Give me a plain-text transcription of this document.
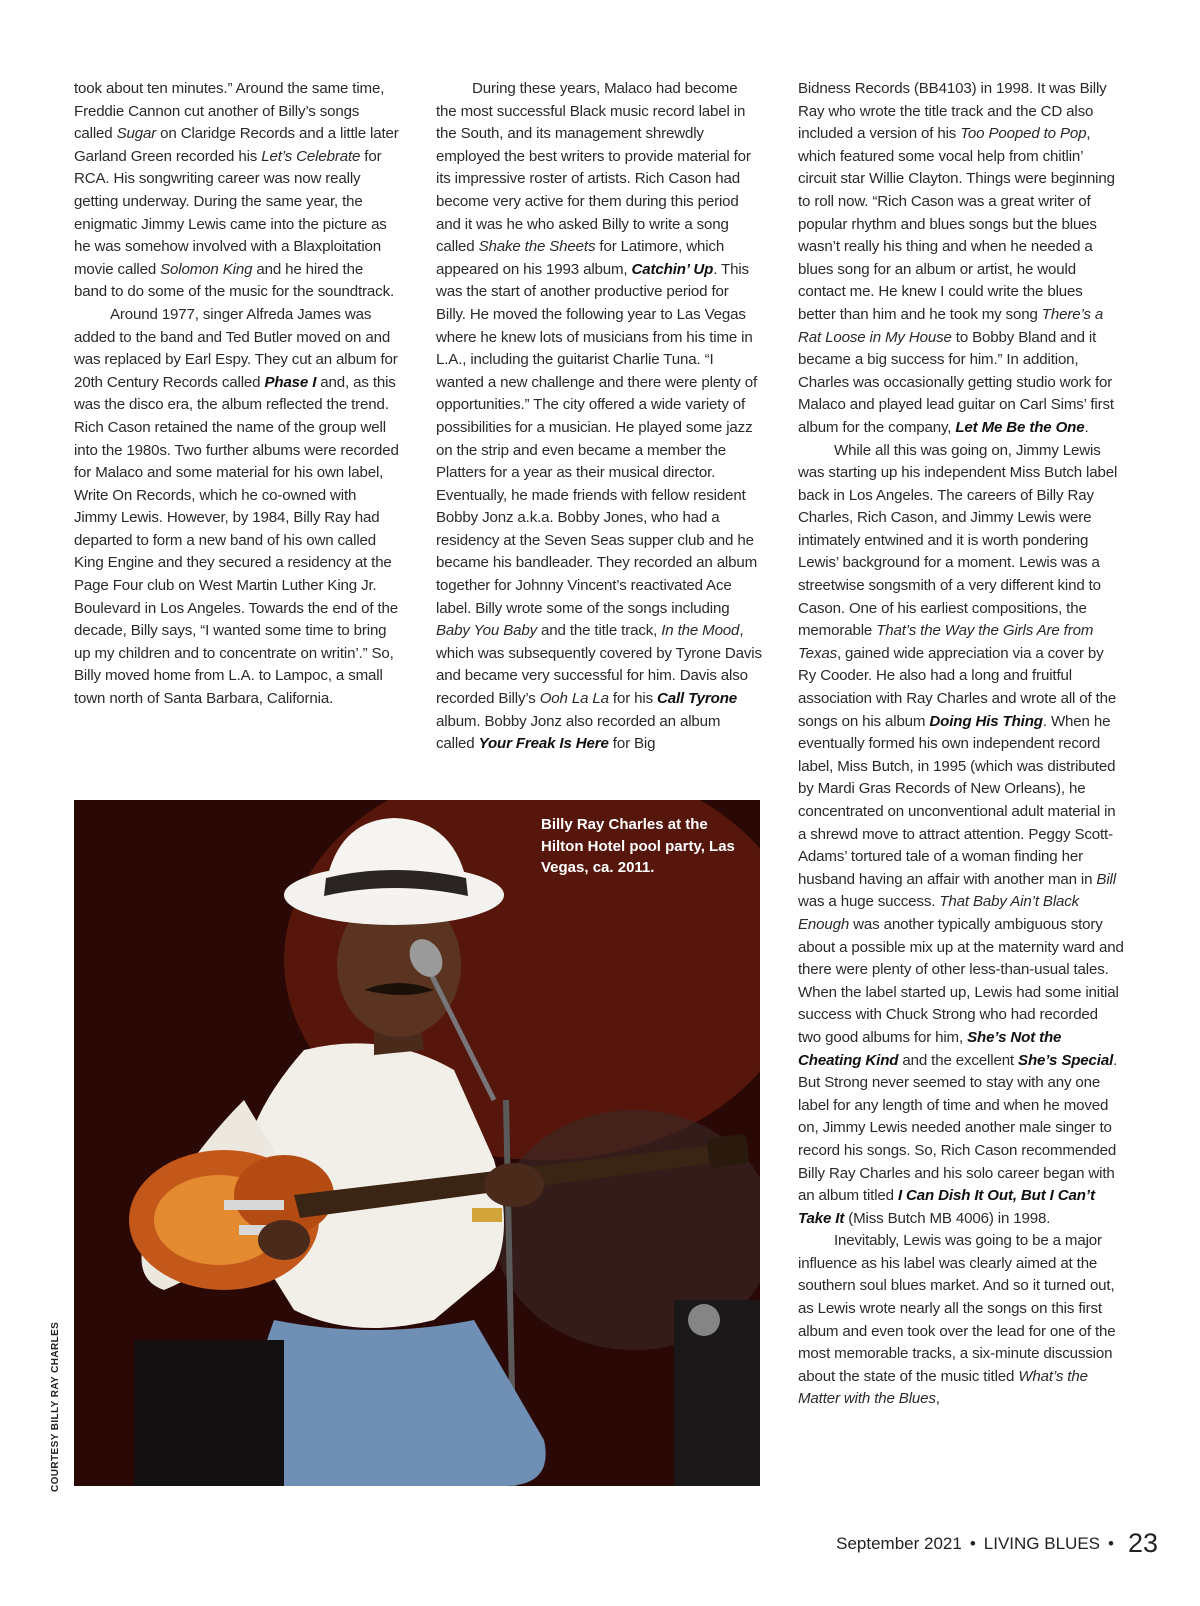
took about ten minutes.” Around the same time, Freddie Cannon cut another of Billy’s songs called Sugar on Claridge Records and a little later Garland Green recorded his Let’s Celebrate for RCA. His songwriting career was now really getting underway. During the same year, the enigmatic Jimmy Lewis came into the picture as he was somehow involved with a Blaxploitation movie called Solomon King and he hired the band to do some of the music for the soundtrack.

Around 1977, singer Alfreda James was added to the band and Ted Butler moved on and was replaced by Earl Espy. They cut an album for 20th Century Records called Phase I and, as this was the disco era, the album reflected the trend. Rich Cason retained the name of the group well into the 1980s. Two further albums were recorded for Malaco and some material for his own label, Write On Records, which he co-owned with Jimmy Lewis. However, by 1984, Billy Ray had departed to form a new band of his own called King Engine and they secured a residency at the Page Four club on West Martin Luther King Jr. Boulevard in Los Angeles. Towards the end of the decade, Billy says, “I wanted some time to bring up my children and to concentrate on writin’.” So, Billy moved home from L.A. to Lampoc, a small town north of Santa Barbara, California.

During these years, Malaco had become the most successful Black music record label in the South, and its management shrewdly employed the best writers to provide material for its impressive roster of artists. Rich Cason had become very active for them during this period and it was he who asked Billy to write a song called Shake the Sheets for Latimore, which appeared on his 1993 album, Catchin’ Up. This was the start of another productive period for Billy. He moved the following year to Las Vegas where he knew lots of musicians from his time in L.A., including the guitarist Charlie Tuna. “I wanted a new challenge and there were plenty of opportunities.” The city offered a wide variety of possibilities for a musician. He played some jazz on the strip and even became a member the Platters for a year as their musical director. Eventually, he made friends with fellow resident Bobby Jonz a.k.a. Bobby Jones, who had a residency at the Seven Seas supper club and he became his bandleader. They recorded an album together for Johnny Vincent’s reactivated Ace label. Billy wrote some of the songs including Baby You Baby and the title track, In the Mood, which was subsequently covered by Tyrone Davis and became very successful for him. Davis also recorded Billy’s Ooh La La for his Call Tyrone album. Bobby Jonz also recorded an album called Your Freak Is Here for Big

Bidness Records (BB4103) in 1998. It was Billy Ray who wrote the title track and the CD also included a version of his Too Pooped to Pop, which featured some vocal help from chitlin’ circuit star Willie Clayton. Things were beginning to roll now. “Rich Cason was a great writer of popular rhythm and blues songs but the blues wasn’t really his thing and when he needed a blues song for an album or artist, he would contact me. He knew I could write the blues better than him and he took my song There’s a Rat Loose in My House to Bobby Bland and it became a big success for him.” In addition, Charles was occasionally getting studio work for Malaco and played lead guitar on Carl Sims’ first album for the company, Let Me Be the One.

While all this was going on, Jimmy Lewis was starting up his independent Miss Butch label back in Los Angeles. The careers of Billy Ray Charles, Rich Cason, and Jimmy Lewis were intimately entwined and it is worth pondering Lewis’ background for a moment. Lewis was a streetwise songsmith of a very different kind to Cason. One of his earliest compositions, the memorable That’s the Way the Girls Are from Texas, gained wide appreciation via a cover by Ry Cooder. He also had a long and fruitful association with Ray Charles and wrote all of the songs on his album Doing His Thing. When he eventually formed his own independent record label, Miss Butch, in 1995 (which was distributed by Mardi Gras Records of New Orleans), he concentrated on unconventional adult material in a shrewd move to attract attention. Peggy Scott-Adams’ tortured tale of a woman finding her husband having an affair with another man in Bill was a huge success. That Baby Ain’t Black Enough was another typically ambiguous story about a possible mix up at the maternity ward and there were plenty of other less-than-usual tales. When the label started up, Lewis had some initial success with Chuck Strong who had recorded two good albums for him, She’s Not the Cheating Kind and the excellent She’s Special. But Strong never seemed to stay with any one label for any length of time and when he moved on, Jimmy Lewis needed another male singer to record his songs. So, Rich Cason recommended Billy Ray Charles and his solo career began with an album titled I Can Dish It Out, But I Can’t Take It (Miss Butch MB 4006) in 1998.

Inevitably, Lewis was going to be a major influence as his label was clearly aimed at the southern soul blues market. And so it turned out, as Lewis wrote nearly all the songs on this first album and even took over the lead for one of the most memorable tracks, a six-minute discussion about the state of the music titled What’s the Matter with the Blues,

Billy Ray Charles at the Hilton Hotel pool party, Las Vegas, ca. 2011.
COURTESY BILLY RAY CHARLES
September 2021 • LIVING BLUES • 23
